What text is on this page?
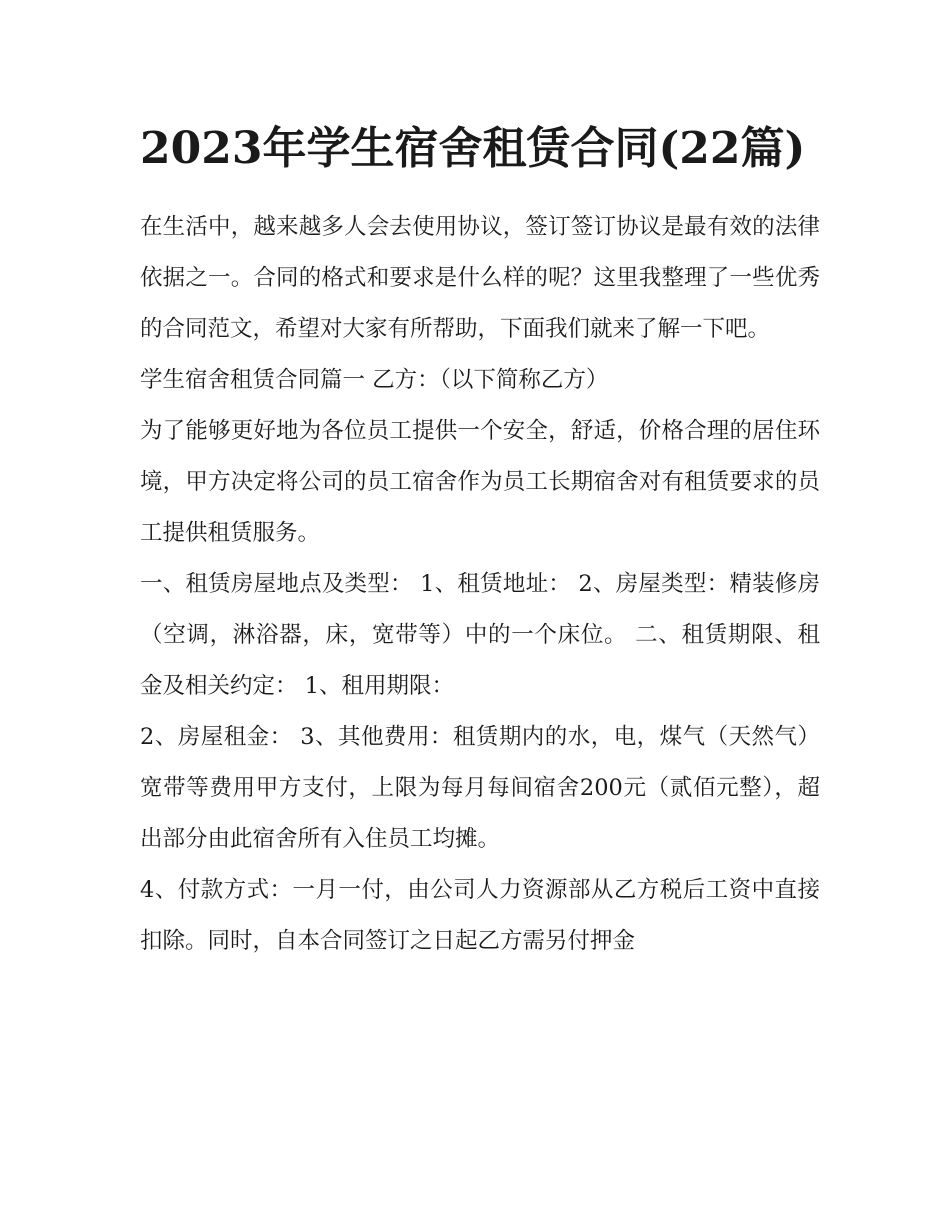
2023年学生宿舍租赁合同(22篇)

在生活中，越来越多人会去使用协议，签订签订协议是最有效的法律依据之一。合同的格式和要求是什么样的呢？这里我整理了一些优秀的合同范文，希望对大家有所帮助，下面我们就来了解一下吧。

学生宿舍租赁合同篇一 乙方：（以下简称乙方）

为了能够更好地为各位员工提供一个安全，舒适，价格合理的居住环境，甲方决定将公司的员工宿舍作为员工长期宿舍对有租赁要求的员工提供租赁服务。

一、租赁房屋地点及类型： 1、租赁地址： 2、房屋类型：精装修房（空调，淋浴器，床，宽带等）中的一个床位。 二、租赁期限、租金及相关约定： 1、租用期限：

2、房屋租金： 3、其他费用：租赁期内的水，电，煤气（天然气）宽带等费用甲方支付，上限为每月每间宿舍200元（贰佰元整），超出部分由此宿舍所有入住员工均摊。

4、付款方式：一月一付，由公司人力资源部从乙方税后工资中直接扣除。同时，自本合同签订之日起乙方需另付押金
